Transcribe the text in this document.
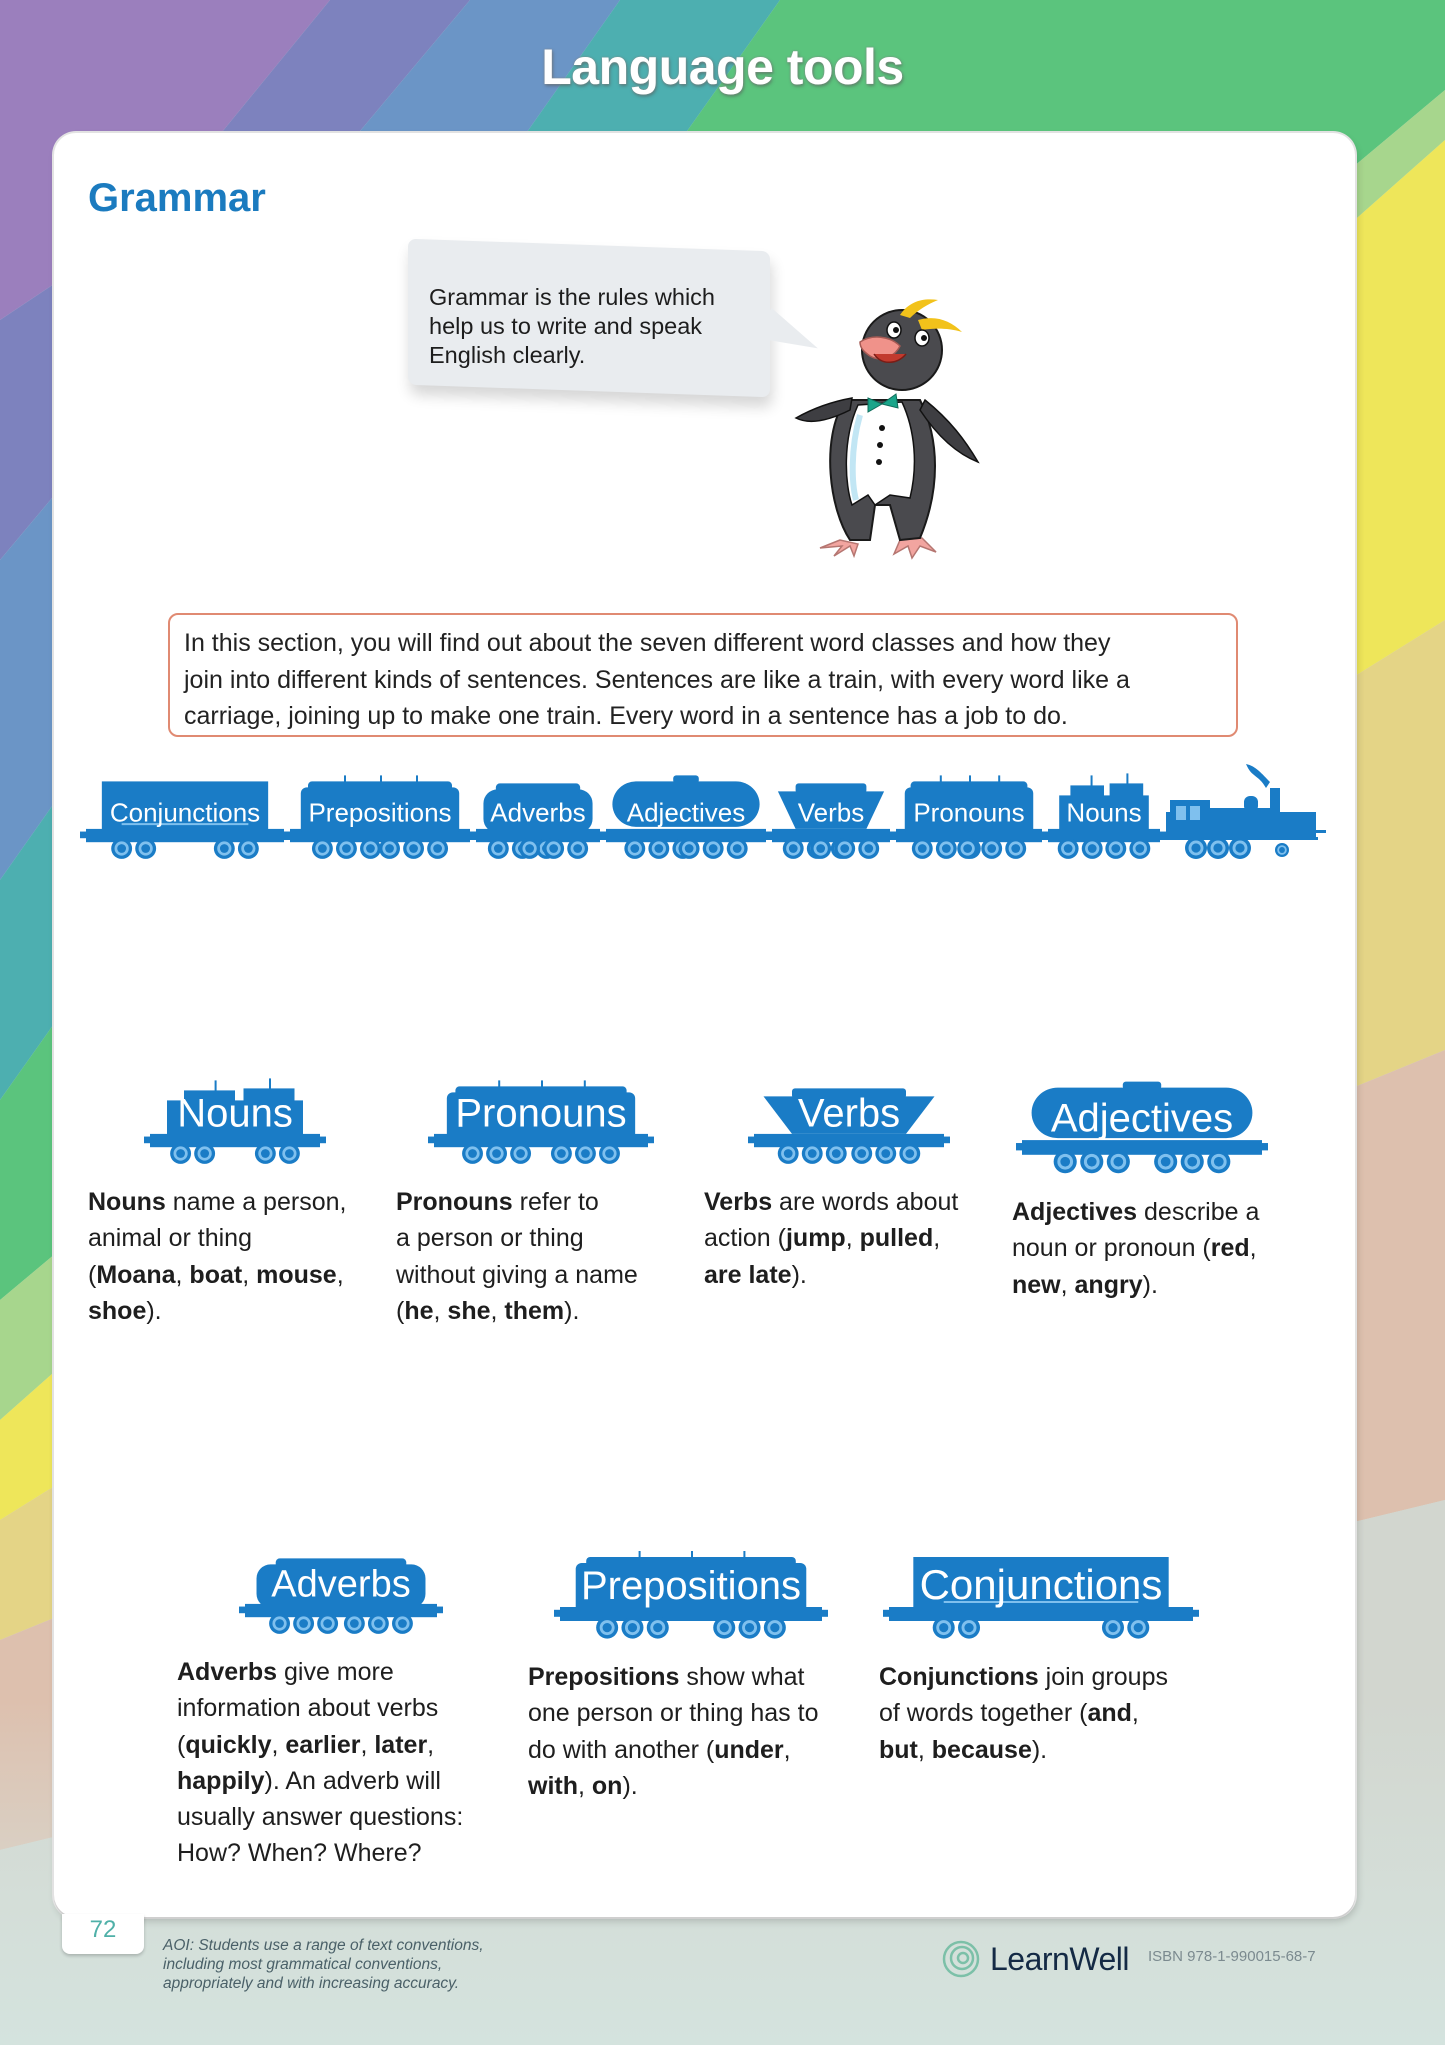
Language tools
Grammar
Grammar is the rules which
help us to write and speak
English clearly.
In this section, you will find out about the seven different word classes and how they
join into different kinds of sentences. Sentences are like a train, with every word like a
carriage, joining up to make one train. Every word in a sentence has a job to do.
Conjunctions Prepositions Adverbs Adjectives Verbs Pronouns Nouns
Nouns
Nouns name a person,
animal or thing
(Moana, boat, mouse,
shoe).
Pronouns
Pronouns refer to
a person or thing
without giving a name
(he, she, them).
Verbs
Verbs are words about
action (jump, pulled,
are late).
Adjectives
Adjectives describe a
noun or pronoun (red,
new, angry).
Adverbs
Adverbs give more
information about verbs
(quickly, earlier, later,
happily). An adverb will
usually answer questions:
How? When? Where?
Prepositions
Prepositions show what
one person or thing has to
do with another (under,
with, on).
Conjunctions
Conjunctions join groups
of words together (and,
but, because).
72
AOI: Students use a range of text conventions,
including most grammatical conventions,
appropriately and with increasing accuracy.
LearnWell ISBN 978-1-990015-68-7
